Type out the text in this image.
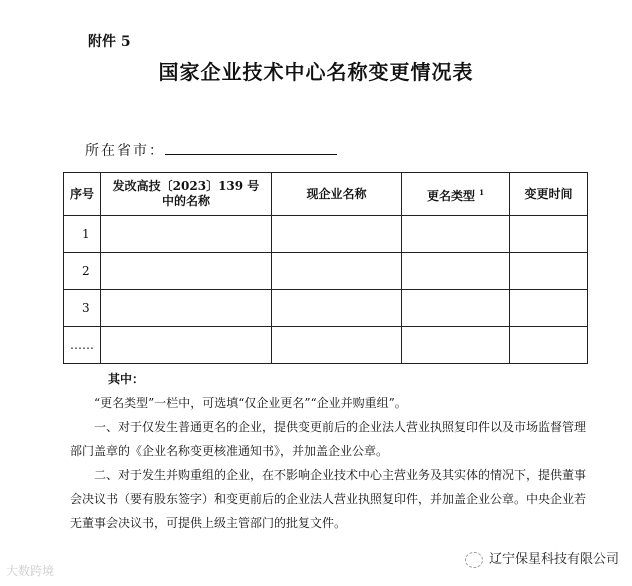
附件 5
国家企业技术中心名称变更情况表
所在省市：
序号	发改高技〔2023〕139 号中的名称	现企业名称	更名类型 $^1$	变更时间
1				
2				
3				
……				

其中：

“更名类型”一栏中，可选填“仅企业更名”“企业并购重组”。

一、对于仅发生普通更名的企业，提供变更前后的企业法人营业执照复印件以及市场监督管理部门盖章的《企业名称变更核准通知书》，并加盖企业公章。

二、对于发生并购重组的企业，在不影响企业技术中心主营业务及其实体的情况下，提供董事会决议书（要有股东签字）和变更前后的企业法人营业执照复印件，并加盖企业公章。中央企业若无董事会决议书，可提供上级主管部门的批复文件。

大数跨境
辽宁保星科技有限公司
